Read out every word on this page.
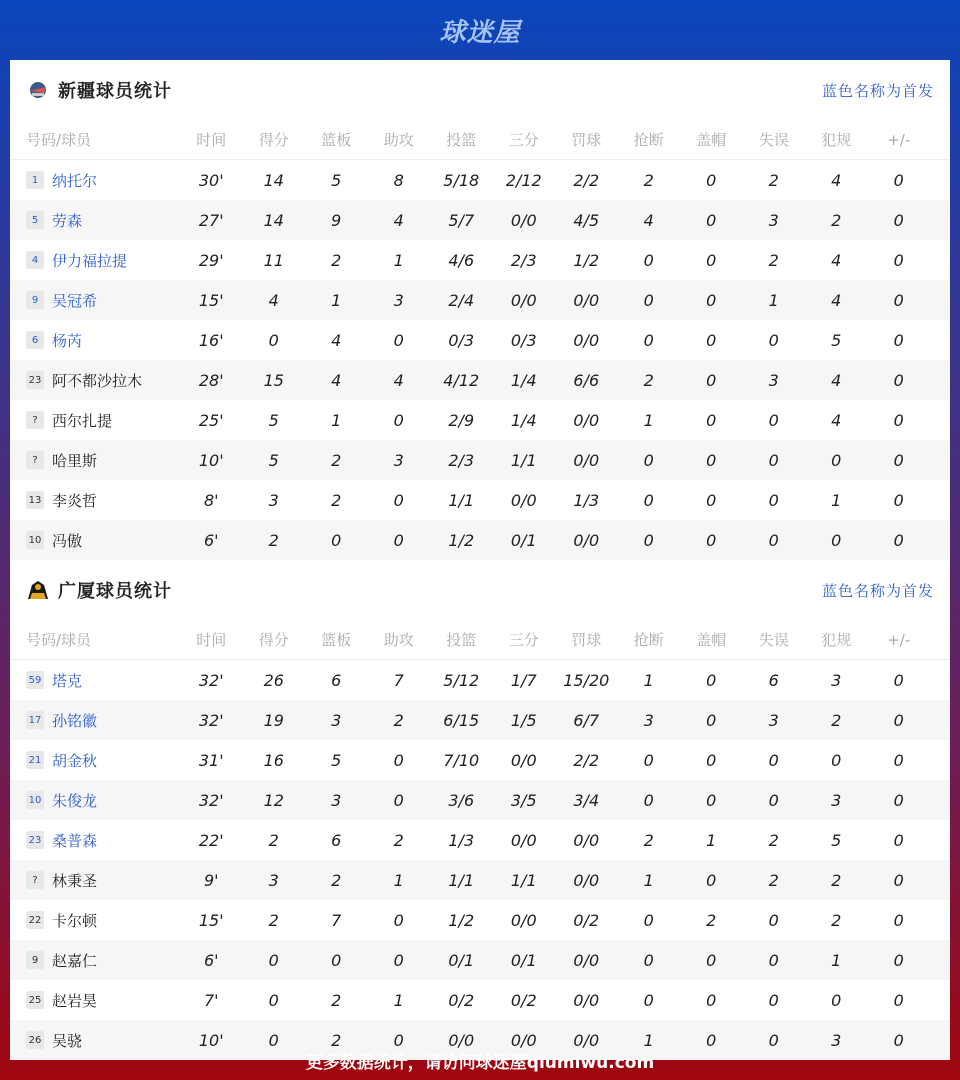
球迷屋
新疆球员统计	蓝色名称为首发
号码/球员	时间	得分	篮板	助攻	投篮	三分	罚球	抢断	盖帽	失误	犯规	+/-
1 纳托尔	30'	14	5	8	5/18	2/12	2/2	2	0	2	4	0
5 劳森	27'	14	9	4	5/7	0/0	4/5	4	0	3	2	0
4 伊力福拉提	29'	11	2	1	4/6	2/3	1/2	0	0	2	4	0
9 吴冠希	15'	4	1	3	2/4	0/0	0/0	0	0	1	4	0
6 杨芮	16'	0	4	0	0/3	0/3	0/0	0	0	0	5	0
23 阿不都沙拉木	28'	15	4	4	4/12	1/4	6/6	2	0	3	4	0
? 西尔扎提	25'	5	1	0	2/9	1/4	0/0	1	0	0	4	0
? 哈里斯	10'	5	2	3	2/3	1/1	0/0	0	0	0	0	0
13 李炎哲	8'	3	2	0	1/1	0/0	1/3	0	0	0	1	0
10 冯傲	6'	2	0	0	1/2	0/1	0/0	0	0	0	0	0
广厦球员统计	蓝色名称为首发
号码/球员	时间	得分	篮板	助攻	投篮	三分	罚球	抢断	盖帽	失误	犯规	+/-
59 塔克	32'	26	6	7	5/12	1/7	15/20	1	0	6	3	0
17 孙铭徽	32'	19	3	2	6/15	1/5	6/7	3	0	3	2	0
21 胡金秋	31'	16	5	0	7/10	0/0	2/2	0	0	0	0	0
10 朱俊龙	32'	12	3	0	3/6	3/5	3/4	0	0	0	3	0
23 桑普森	22'	2	6	2	1/3	0/0	0/0	2	1	2	5	0
? 林秉圣	9'	3	2	1	1/1	1/1	0/0	1	0	2	2	0
22 卡尔顿	15'	2	7	0	1/2	0/0	0/2	0	2	0	2	0
9 赵嘉仁	6'	0	0	0	0/1	0/1	0/0	0	0	0	1	0
25 赵岩昊	7'	0	2	1	0/2	0/2	0/0	0	0	0	0	0
26 吴骁	10'	0	2	0	0/0	0/0	0/0	1	0	0	3	0
更多数据统计，请访问球迷屋qiumiwu.com
